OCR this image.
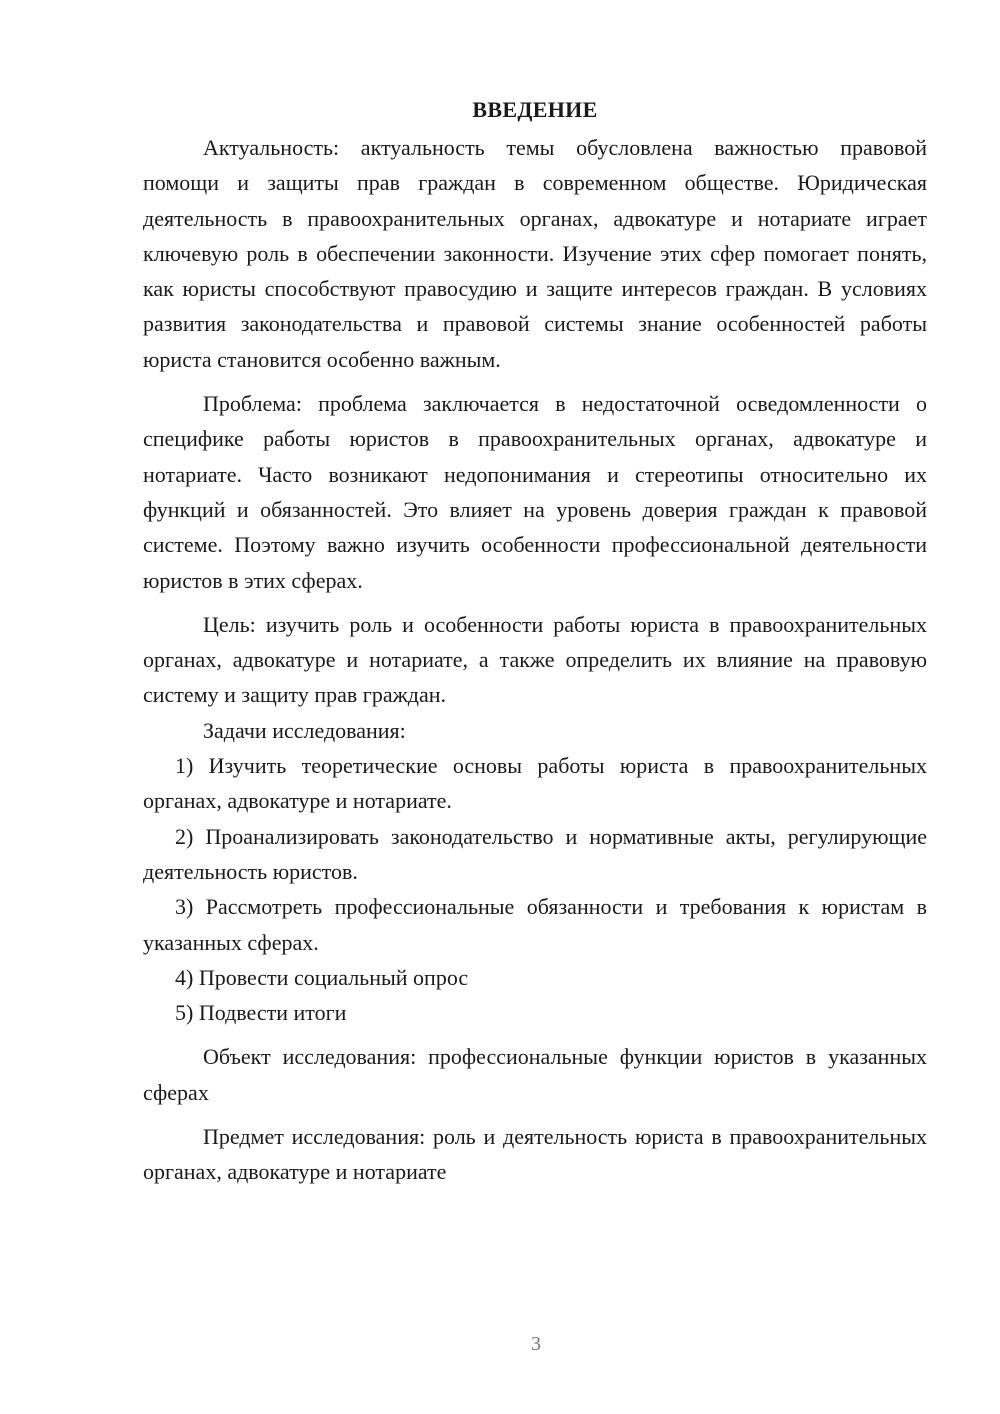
ВВЕДЕНИЕ

Актуальность: актуальность темы обусловлена важностью правовой помощи и защиты прав граждан в современном обществе. Юридическая деятельность в правоохранительных органах, адвокатуре и нотариате играет ключевую роль в обеспечении законности. Изучение этих сфер помогает понять, как юристы способствуют правосудию и защите интересов граждан. В условиях развития законодательства и правовой системы знание особенностей работы юриста становится особенно важным.

Проблема: проблема заключается в недостаточной осведомленности о специфике работы юристов в правоохранительных органах, адвокатуре и нотариате. Часто возникают недопонимания и стереотипы относительно их функций и обязанностей. Это влияет на уровень доверия граждан к правовой системе. Поэтому важно изучить особенности профессиональной деятельности юристов в этих сферах.

Цель: изучить роль и особенности работы юриста в правоохранительных органах, адвокатуре и нотариате, а также определить их влияние на правовую систему и защиту прав граждан.

Задачи исследования:

1) Изучить теоретические основы работы юриста в правоохранительных органах, адвокатуре и нотариате.

2) Проанализировать законодательство и нормативные акты, регулирующие деятельность юристов.

3) Рассмотреть профессиональные обязанности и требования к юристам в указанных сферах.

4) Провести социальный опрос

5) Подвести итоги

Объект исследования: профессиональные функции юристов в указанных сферах

Предмет исследования: роль и деятельность юриста в правоохранительных органах, адвокатуре и нотариате

3
